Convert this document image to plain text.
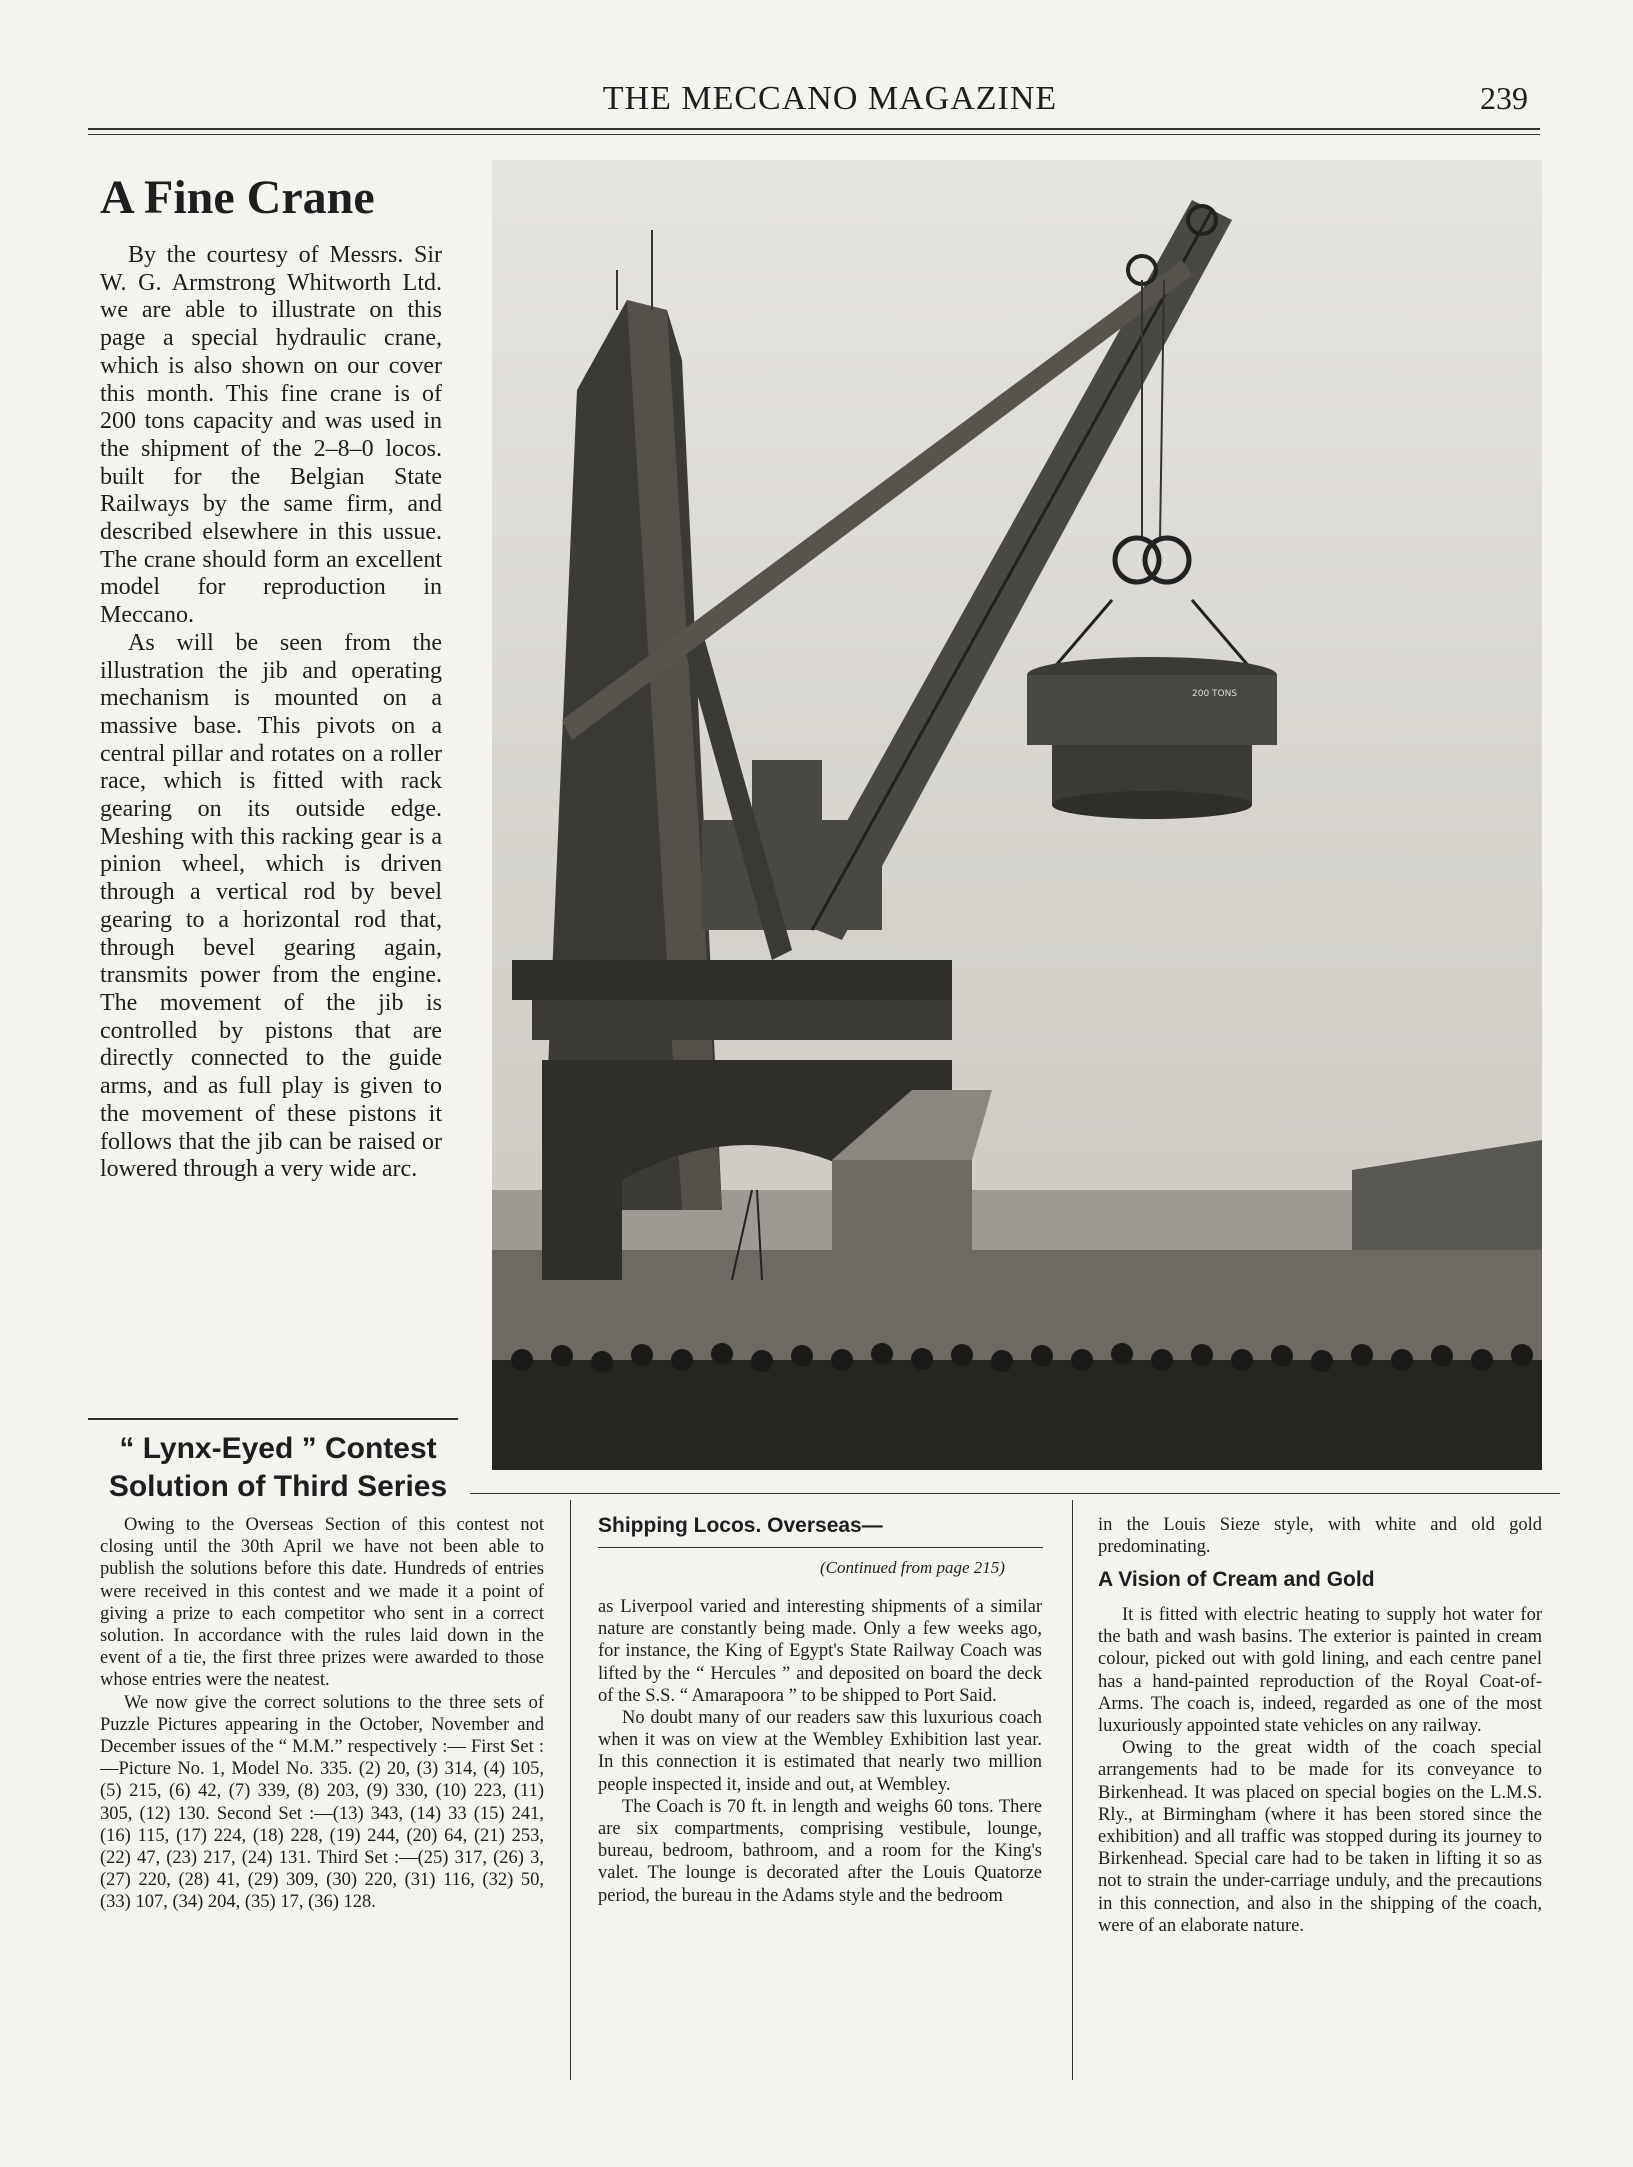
THE MECCANO MAGAZINE	239
A Fine Crane

By the courtesy of Messrs. Sir W. G. Armstrong Whitworth Ltd. we are able to illustrate on this page a special hydraulic crane, which is also shown on our cover this month. This fine crane is of 200 tons capacity and was used in the shipment of the 2–8–0 locos. built for the Belgian State Railways by the same firm, and described elsewhere in this ussue. The crane should form an excellent model for reproduction in Meccano.

As will be seen from the illustration the jib and operating mechanism is mounted on a massive base. This pivots on a central pillar and rotates on a roller race, which is fitted with rack gearing on its outside edge. Meshing with this racking gear is a pinion wheel, which is driven through a vertical rod by bevel gearing to a horizontal rod that, through bevel gearing again, transmits power from the engine. The movement of the jib is controlled by pistons that are directly connected to the guide arms, and as full play is given to the movement of these pistons it follows that the jib can be raised or lowered through a very wide arc.

200 TONS
“ Lynx-Eyed ” Contest
Solution of Third Series

Owing to the Overseas Section of this contest not closing until the 30th April we have not been able to publish the solutions before this date. Hundreds of entries were received in this contest and we made it a point of giving a prize to each competitor who sent in a correct solution. In accordance with the rules laid down in the event of a tie, the first three prizes were awarded to those whose entries were the neatest.

We now give the correct solutions to the three sets of Puzzle Pictures appearing in the October, November and December issues of the “ M.M.” respectively :— First Set :—Picture No. 1, Model No. 335. (2) 20, (3) 314, (4) 105, (5) 215, (6) 42, (7) 339, (8) 203, (9) 330, (10) 223, (11) 305, (12) 130. Second Set :—(13) 343, (14) 33 (15) 241, (16) 115, (17) 224, (18) 228, (19) 244, (20) 64, (21) 253, (22) 47, (23) 217, (24) 131. Third Set :—(25) 317, (26) 3, (27) 220, (28) 41, (29) 309, (30) 220, (31) 116, (32) 50, (33) 107, (34) 204, (35) 17, (36) 128.

Shipping Locos. Overseas—
(Continued from page 215)

as Liverpool varied and interesting shipments of a similar nature are constantly being made. Only a few weeks ago, for instance, the King of Egypt's State Railway Coach was lifted by the “ Hercules ” and deposited on board the deck of the S.S. “ Amarapoora ” to be shipped to Port Said.

No doubt many of our readers saw this luxurious coach when it was on view at the Wembley Exhibition last year. In this connection it is estimated that nearly two million people inspected it, inside and out, at Wembley.

The Coach is 70 ft. in length and weighs 60 tons. There are six compartments, comprising vestibule, lounge, bureau, bedroom, bathroom, and a room for the King's valet. The lounge is decorated after the Louis Quatorze period, the bureau in the Adams style and the bedroom

in the Louis Sieze style, with white and old gold predominating.

A Vision of Cream and Gold

It is fitted with electric heating to supply hot water for the bath and wash basins. The exterior is painted in cream colour, picked out with gold lining, and each centre panel has a hand-painted reproduction of the Royal Coat-of-Arms. The coach is, indeed, regarded as one of the most luxuriously appointed state vehicles on any railway.

Owing to the great width of the coach special arrangements had to be made for its conveyance to Birkenhead. It was placed on special bogies on the L.M.S. Rly., at Birmingham (where it has been stored since the exhibition) and all traffic was stopped during its journey to Birkenhead. Special care had to be taken in lifting it so as not to strain the under-carriage unduly, and the precautions in this connection, and also in the shipping of the coach, were of an elaborate nature.
